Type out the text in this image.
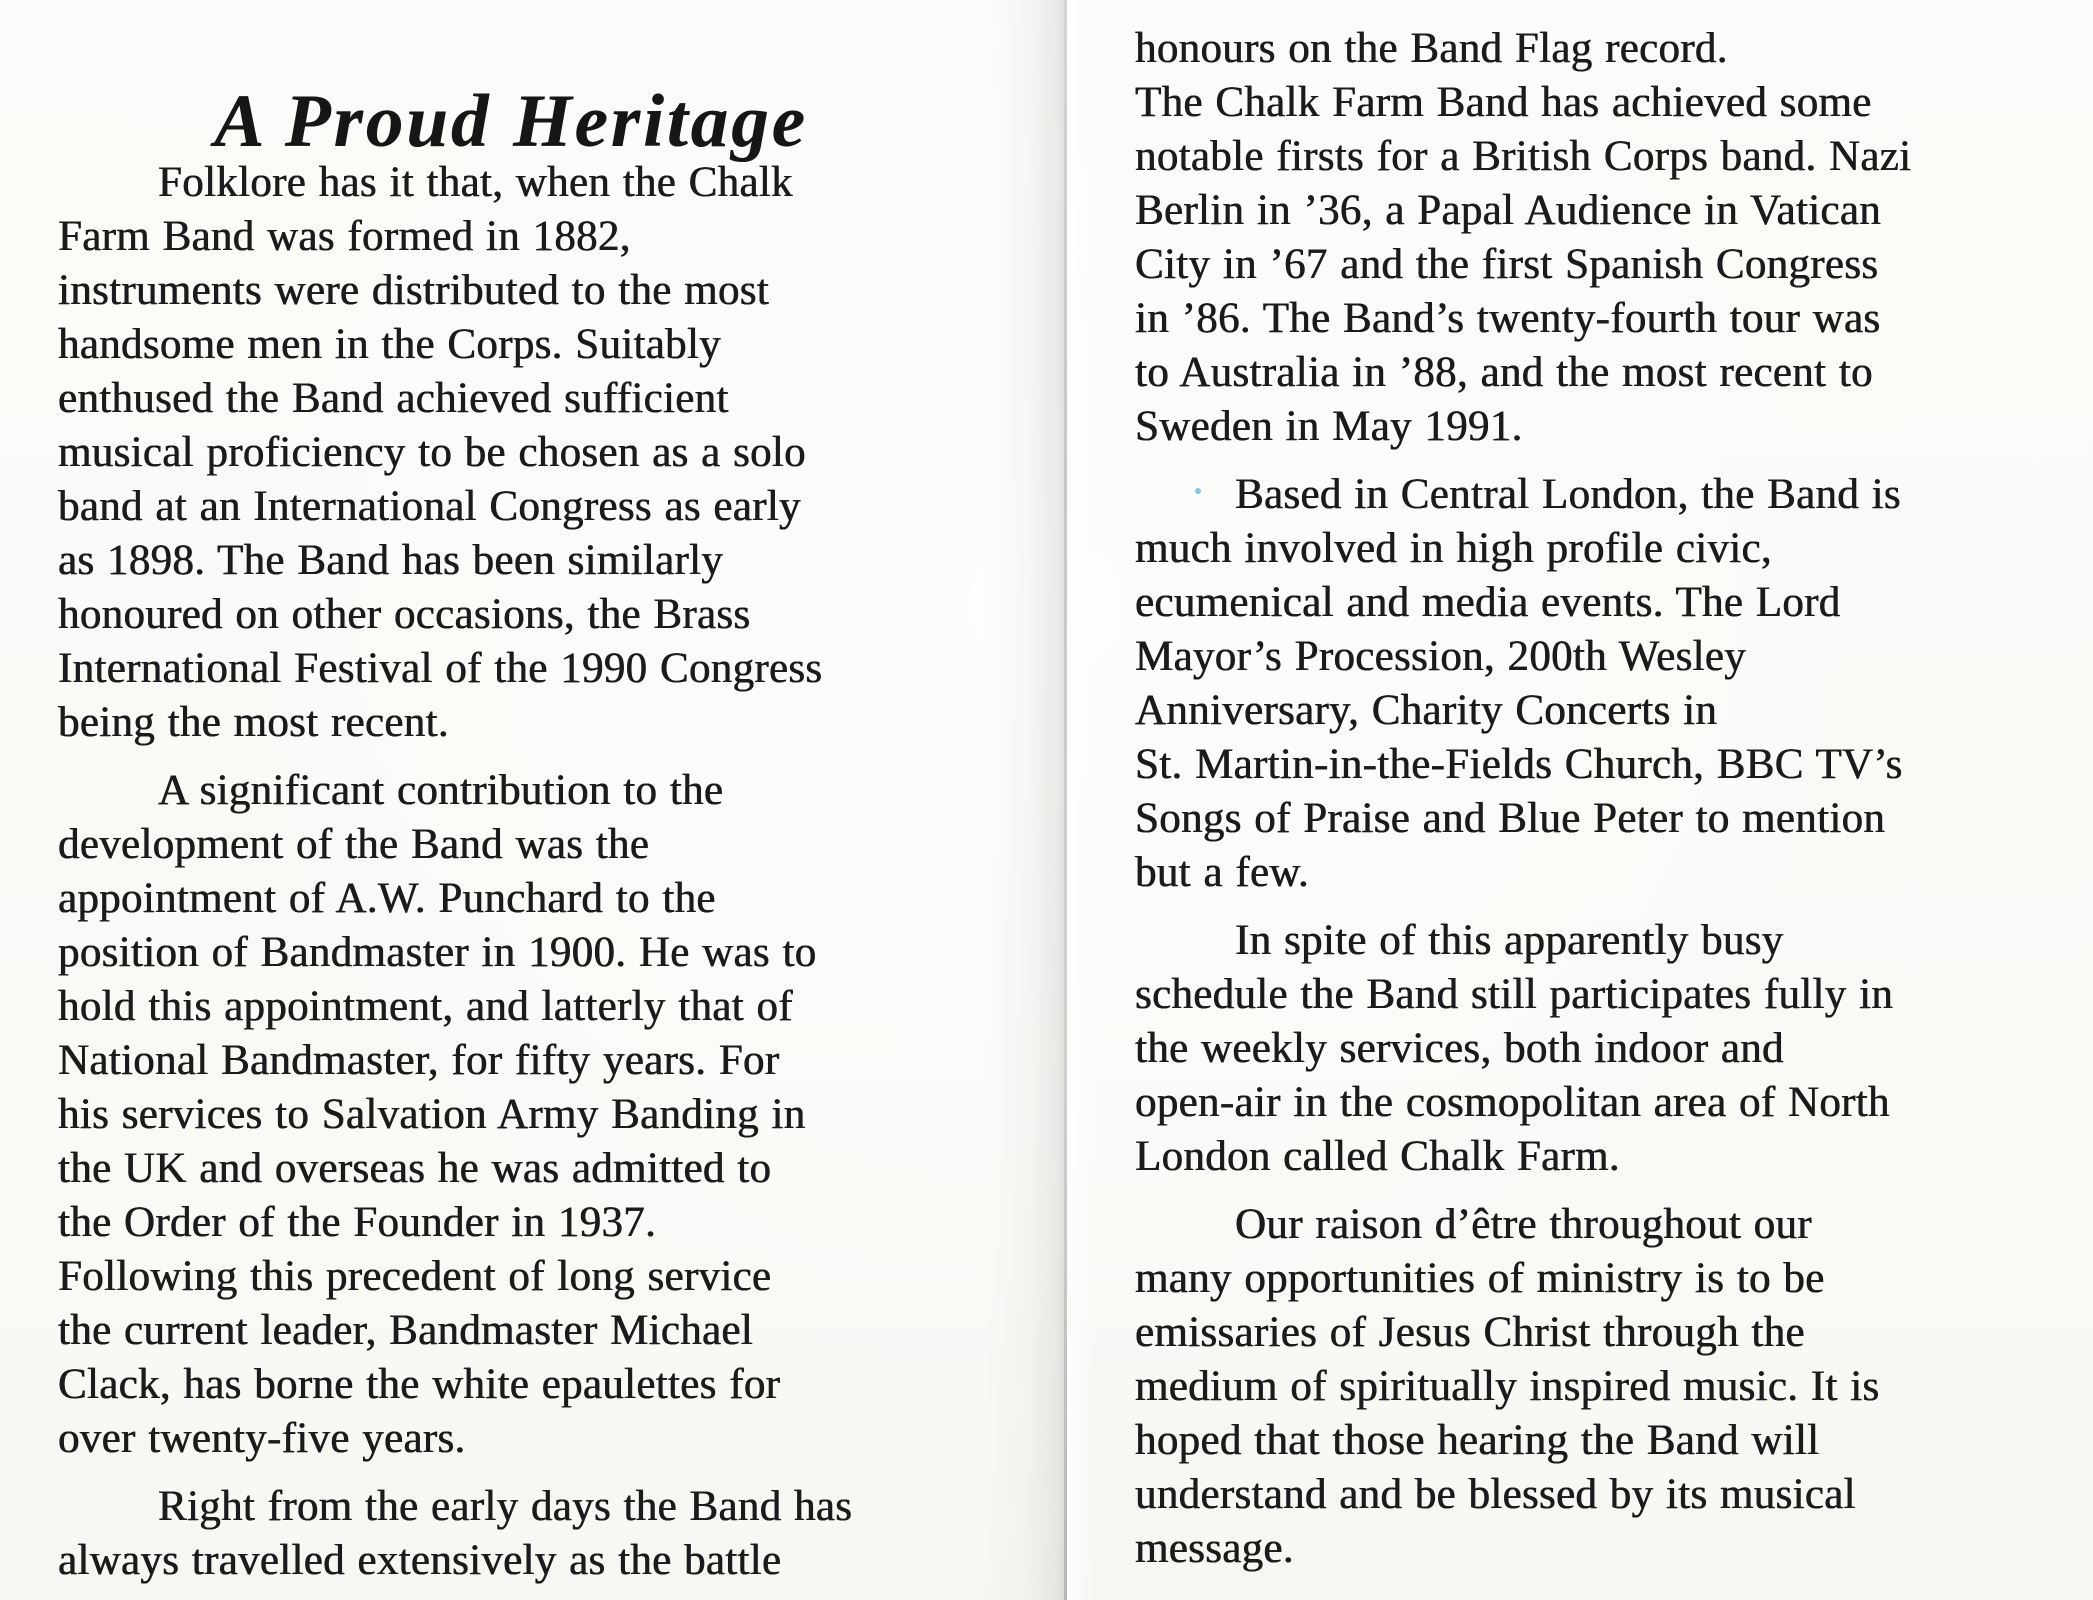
A Proud Heritage

Folklore has it that, when the Chalk
Farm Band was formed in 1882,
instruments were distributed to the most
handsome men in the Corps. Suitably
enthused the Band achieved sufficient
musical proficiency to be chosen as a solo
band at an International Congress as early
as 1898. The Band has been similarly
honoured on other occasions, the Brass
International Festival of the 1990 Congress
being the most recent.

A significant contribution to the
development of the Band was the
appointment of A.W. Punchard to the
position of Bandmaster in 1900. He was to
hold this appointment, and latterly that of
National Bandmaster, for fifty years. For
his services to Salvation Army Banding in
the UK and overseas he was admitted to
the Order of the Founder in 1937.
Following this precedent of long service
the current leader, Bandmaster Michael
Clack, has borne the white epaulettes for
over twenty-five years.

Right from the early days the Band has
always travelled extensively as the battle

honours on the Band Flag record.
The Chalk Farm Band has achieved some
notable firsts for a British Corps band. Nazi
Berlin in ’36, a Papal Audience in Vatican
City in ’67 and the first Spanish Congress
in ’86. The Band’s twenty-fourth tour was
to Australia in ’88, and the most recent to
Sweden in May 1991.

Based in Central London, the Band is
much involved in high profile civic,
ecumenical and media events. The Lord
Mayor’s Procession, 200th Wesley
Anniversary, Charity Concerts in
St. Martin-in-the-Fields Church, BBC TV’s
Songs of Praise and Blue Peter to mention
but a few.

In spite of this apparently busy
schedule the Band still participates fully in
the weekly services, both indoor and
open-air in the cosmopolitan area of North
London called Chalk Farm.

Our raison d’être throughout our
many opportunities of ministry is to be
emissaries of Jesus Christ through the
medium of spiritually inspired music. It is
hoped that those hearing the Band will
understand and be blessed by its musical
message.
